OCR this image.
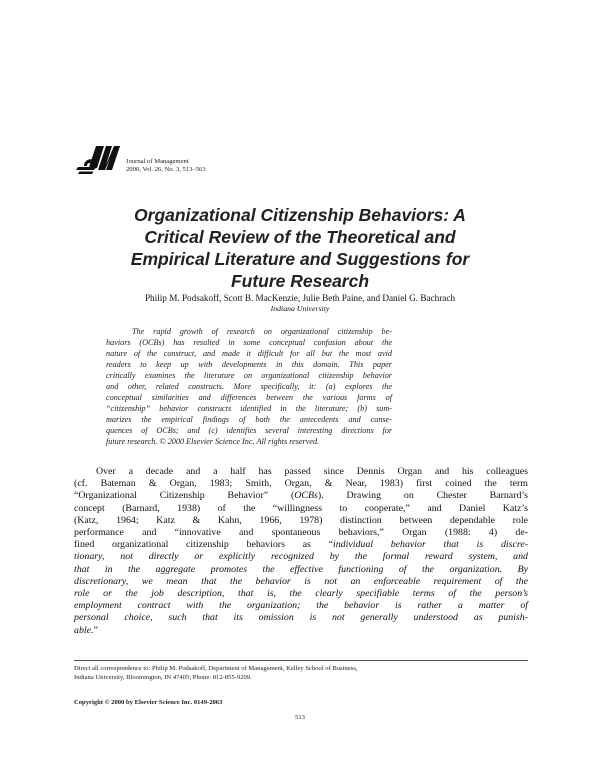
Journal of Management
2000, Vol. 26, No. 3, 513–563
Organizational Citizenship Behaviors: A
Critical Review of the Theoretical and
Empirical Literature and Suggestions for
Future Research
Philip M. Podsakoff, Scott B. MacKenzie, Julie Beth Paine, and Daniel G. Bachrach
Indiana University
The rapid growth of research on organizational citizenship be-
haviors (OCBs) has resulted in some conceptual confusion about the
nature of the construct, and made it difficult for all but the most avid
readers to keep up with developments in this domain. This paper
critically examines the literature on organizational citizenship behavior
and other, related constructs. More specifically, it: (a) explores the
conceptual similarities and differences between the various forms of
“citizenship” behavior constructs identified in the literature; (b) sum-
marizes the empirical findings of both the antecedents and conse-
quences of OCBs; and (c) identifies several interesting directions for
future research. © 2000 Elsevier Science Inc. All rights reserved.
Over a decade and a half has passed since Dennis Organ and his colleagues
(cf. Bateman & Organ, 1983; Smith, Organ, & Near, 1983) first coined the term
“Organizational Citizenship Behavior” (OCBs). Drawing on Chester Barnard’s
concept (Barnard, 1938) of the “willingness to cooperate,” and Daniel Katz’s
(Katz, 1964; Katz & Kahn, 1966, 1978) distinction between dependable role
performance and “innovative and spontaneous behaviors,” Organ (1988: 4) de-
fined organizational citizenship behaviors as “individual behavior that is discre-
tionary, not directly or explicitly recognized by the formal reward system, and
that in the aggregate promotes the effective functioning of the organization. By
discretionary, we mean that the behavior is not an enforceable requirement of the
role or the job description, that is, the clearly specifiable terms of the person’s
employment contract with the organization; the behavior is rather a matter of
personal choice, such that its omission is not generally understood as punish-
able.”
Direct all correspondence to: Philip M. Podsakoff, Department of Management, Kelley School of Business,
Indiana University, Bloomington, IN 47405; Phone: 812-855-9209.
Copyright © 2000 by Elsevier Science Inc. 0149-2063
513
